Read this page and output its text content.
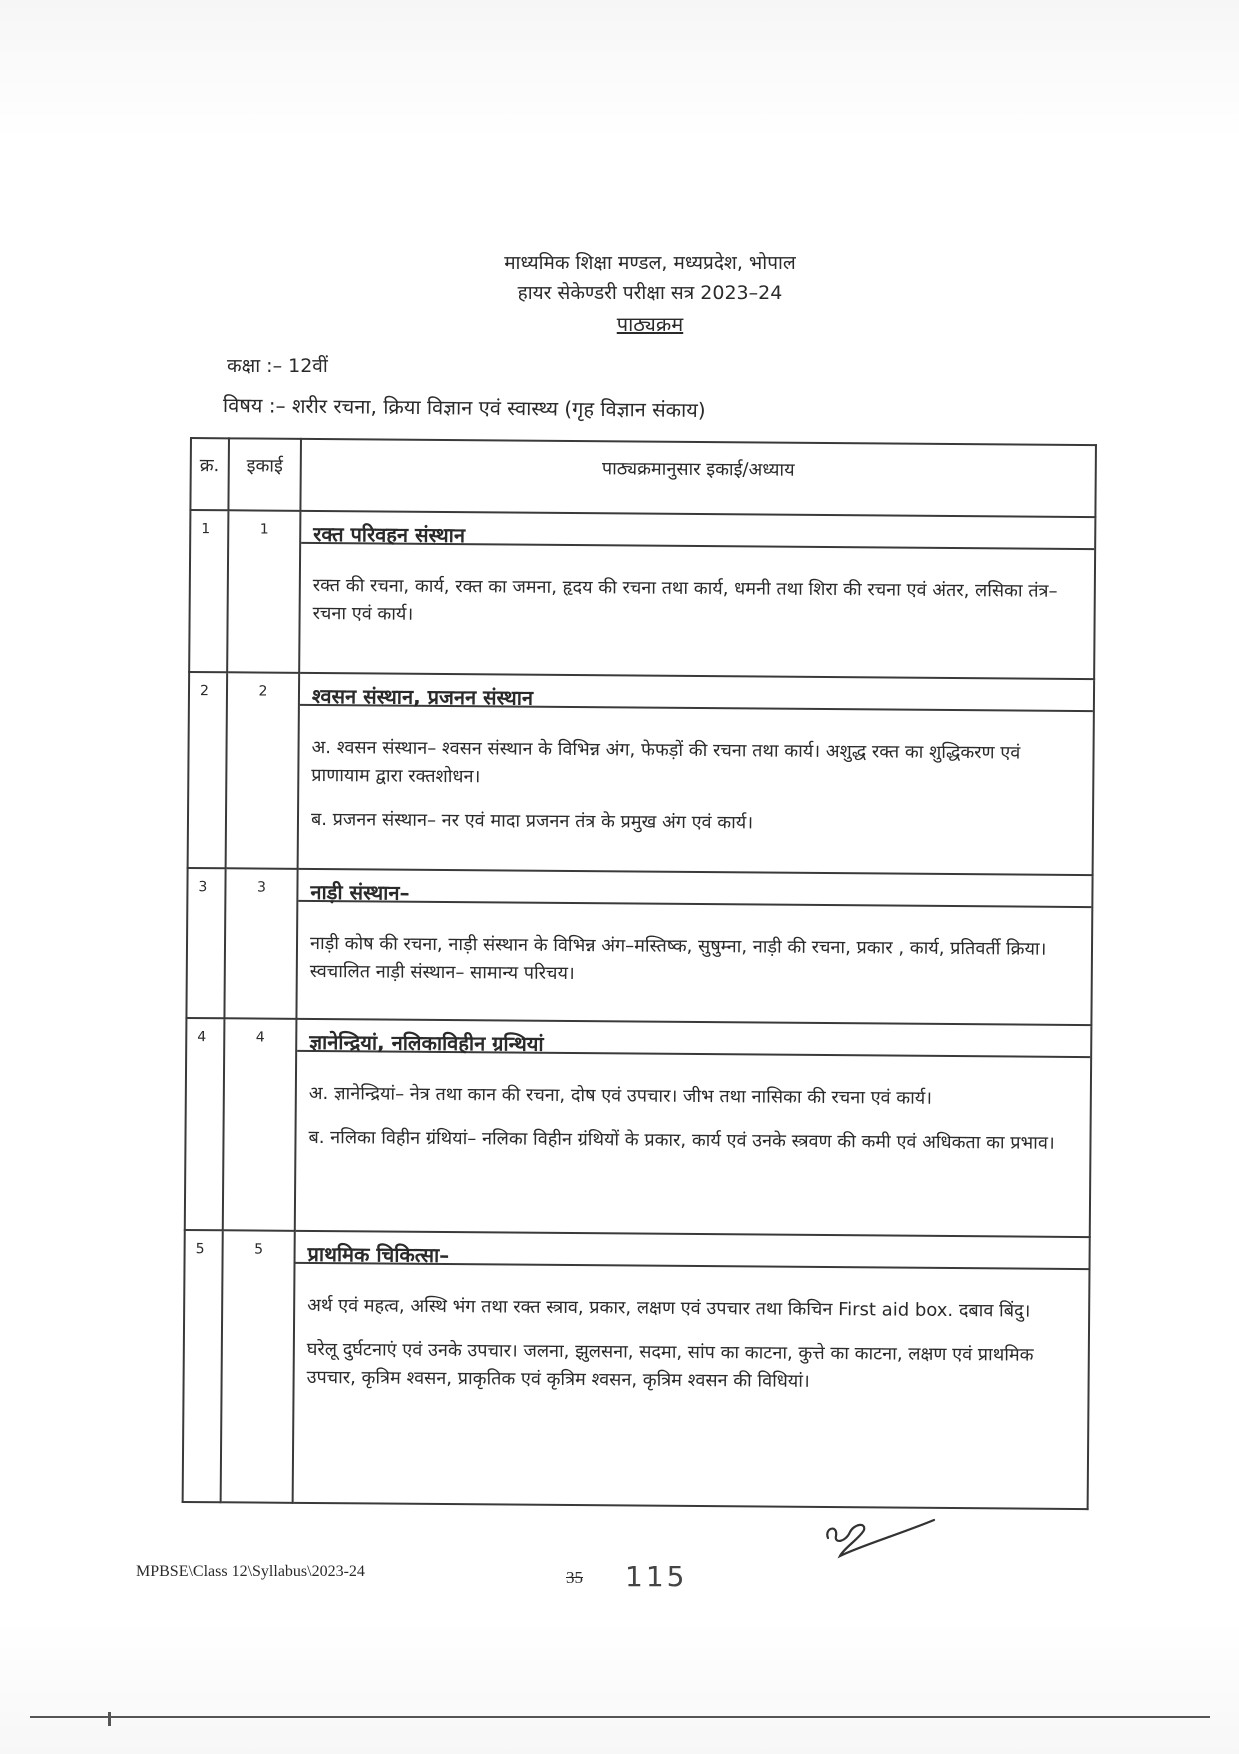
माध्यमिक शिक्षा मण्डल, मध्यप्रदेश, भोपाल

हायर सेकेण्डरी परीक्षा सत्र 2023–24

पाठ्यक्रम

कक्षा :– 12वीं
विषय :– शरीर रचना, क्रिया विज्ञान एवं स्वास्थ्य (गृह विज्ञान संकाय)
क्र.	इकाई	पाठ्यक्रमानुसार इकाई/अध्याय
1	1	रक्त परिवहन संस्थान

रक्त की रचना, कार्य, रक्त का जमना, हृदय की रचना तथा कार्य, धमनी तथा शिरा की रचना एवं अंतर, लसिका तंत्र– रचना एवं कार्य।

2	2	श्वसन संस्थान, प्रजनन संस्थान

अ. श्वसन संस्थान– श्वसन संस्थान के विभिन्न अंग, फेफड़ों की रचना तथा कार्य। अशुद्ध रक्त का शुद्धिकरण एवं प्राणायाम द्वारा रक्तशोधन।

ब. प्रजनन संस्थान– नर एवं मादा प्रजनन तंत्र के प्रमुख अंग एवं कार्य।

3	3	नाड़ी संस्थान–

नाड़ी कोष की रचना, नाड़ी संस्थान के विभिन्न अंग–मस्तिष्क, सुषुम्ना, नाड़ी की रचना, प्रकार , कार्य, प्रतिवर्ती क्रिया। स्वचालित नाड़ी संस्थान– सामान्य परिचय।

4	4	ज्ञानेन्द्रियां, नलिकाविहीन ग्रन्थियां

अ. ज्ञानेन्द्रियां– नेत्र तथा कान की रचना, दोष एवं उपचार। जीभ तथा नासिका की रचना एवं कार्य।

ब. नलिका विहीन ग्रंथियां– नलिका विहीन ग्रंथियों के प्रकार, कार्य एवं उनके स्त्रवण की कमी एवं अधिकता का प्रभाव।

5	5	प्राथमिक चिकित्सा–

अर्थ एवं महत्व, अस्थि भंग तथा रक्त स्त्राव, प्रकार, लक्षण एवं उपचार तथा किचिन First aid box. दबाव बिंदु।

घरेलू दुर्घटनाएं एवं उनके उपचार। जलना, झुलसना, सदमा, सांप का काटना, कुत्ते का काटना, लक्षण एवं प्राथमिक उपचार, कृत्रिम श्वसन, प्राकृतिक एवं कृत्रिम श्वसन, कृत्रिम श्वसन की विधियां।

MPBSE\Class 12\Syllabus\2023-24	35 115
